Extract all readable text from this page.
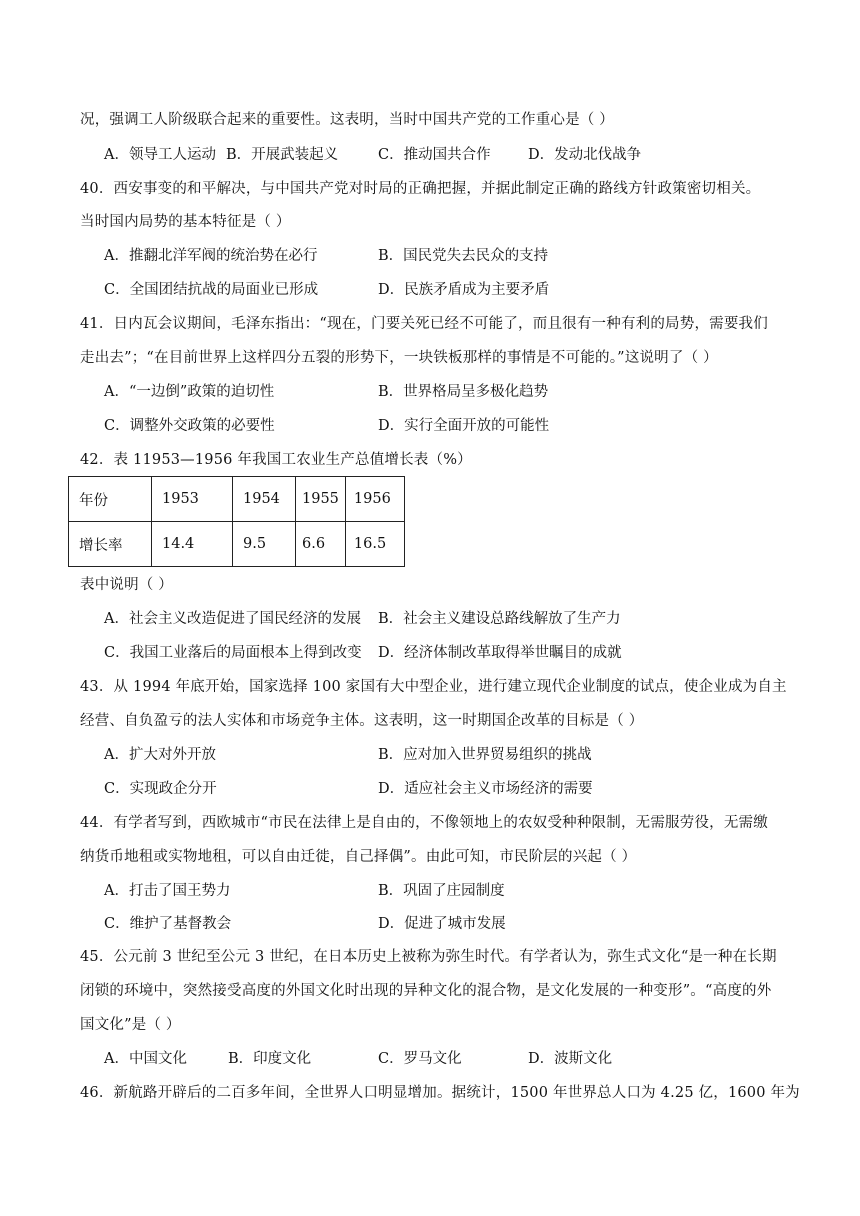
况，强调工人阶级联合起来的重要性。这表明，当时中国共产党的工作重心是（ ）
A．领导工人运动 B．开展武装起义	C．推动国共合作	D．发动北伐战争
40．西安事变的和平解决，与中国共产党对时局的正确把握，并据此制定正确的路线方针政策密切相关。
当时国内局势的基本特征是（ ）
A．推翻北洋军阀的统治势在必行	B．国民党失去民众的支持
C．全国团结抗战的局面业已形成	D．民族矛盾成为主要矛盾
41．日内瓦会议期间，毛泽东指出：“现在，门要关死已经不可能了，而且很有一种有利的局势，需要我们
走出去”；“在目前世界上这样四分五裂的形势下，一块铁板那样的事情是不可能的。”这说明了（ ）
A．“一边倒”政策的迫切性	B．世界格局呈多极化趋势
C．调整外交政策的必要性	D．实行全面开放的可能性
42．表 11953—1956 年我国工农业生产总值增长表（%）
年份	1953	1954	1955	1956
增长率	14.4	9.5	6.6	16.5
表中说明（ ）
A．社会主义改造促进了国民经济的发展 B．社会主义建设总路线解放了生产力
C．我国工业落后的局面根本上得到改变 D．经济体制改革取得举世瞩目的成就
43．从 1994 年底开始，国家选择 100 家国有大中型企业，进行建立现代企业制度的试点，使企业成为自主
经营、自负盈亏的法人实体和市场竞争主体。这表明，这一时期国企改革的目标是（ ）
A．扩大对外开放	B．应对加入世界贸易组织的挑战
C．实现政企分开	D．适应社会主义市场经济的需要
44．有学者写到，西欧城市“市民在法律上是自由的，不像领地上的农奴受种种限制，无需服劳役，无需缴
纳货币地租或实物地租，可以自由迁徙，自己择偶”。由此可知，市民阶层的兴起（ ）
A．打击了国王势力	B．巩固了庄园制度
C．维护了基督教会	D．促进了城市发展
45．公元前 3 世纪至公元 3 世纪，在日本历史上被称为弥生时代。有学者认为，弥生式文化“是一种在长期
闭锁的环境中，突然接受高度的外国文化时出现的异种文化的混合物，是文化发展的一种变形”。“高度的外
国文化”是（ ）
A．中国文化	B．印度文化	C．罗马文化	D．波斯文化
46．新航路开辟后的二百多年间，全世界人口明显增加。据统计，1500 年世界总人口为 4.25 亿，1600 年为
